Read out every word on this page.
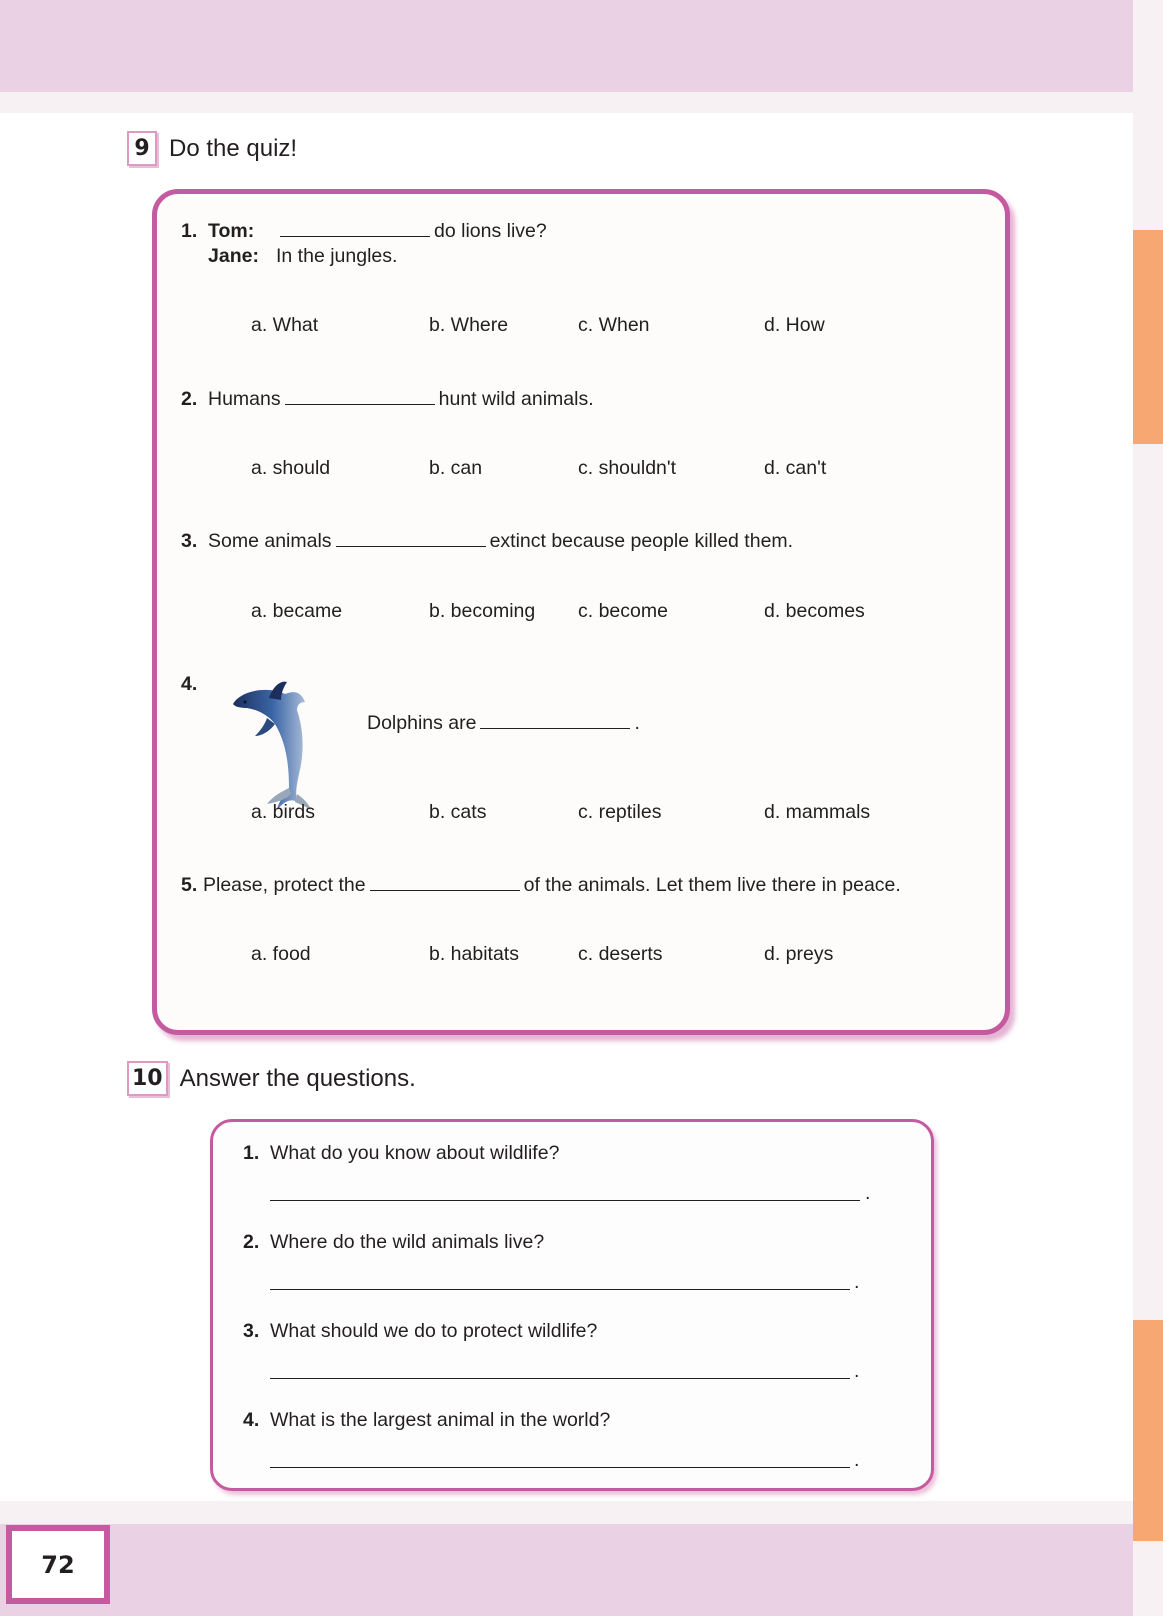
9 Do the quiz!
1. Tom:	do lions live?
Jane: In the jungles.
a. What	b. Where	c. When	d. How
2. Humans	hunt wild animals.
a. should	b. can	c. shouldn't	d. can't
3. Some animals	extinct because people killed them.
a. became	b. becoming c. become	d. becomes
4.
Dolphins are	.
a. birds	b. cats	c. reptiles	d. mammals
5. Please, protect the	of the animals. Let them live there in peace.
a. food	b. habitats	c. deserts	d. preys
10 Answer the questions.
1. What do you know about wildlife?
.
2. Where do the wild animals live?
.
3. What should we do to protect wildlife?
.
4. What is the largest animal in the world?
.
72
